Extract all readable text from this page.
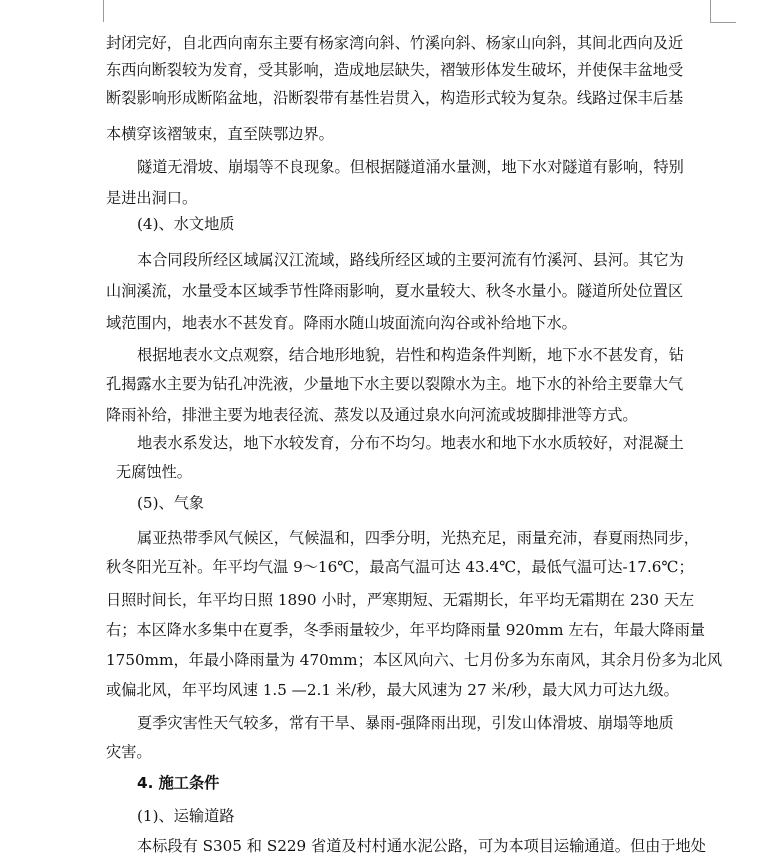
封闭完好，自北西向南东主要有杨家湾向斜、竹溪向斜、杨家山向斜，其间北西向及近
东西向断裂较为发育，受其影响，造成地层缺失，褶皱形体发生破坏，并使保丰盆地受
断裂影响形成断陷盆地，沿断裂带有基性岩贯入，构造形式较为复杂。线路过保丰后基
本横穿该褶皱束，直至陕鄂边界。
隧道无滑坡、崩塌等不良现象。但根据隧道涌水量测，地下水对隧道有影响，特别
是进出洞口。
(4)、水文地质
本合同段所经区域属汉江流域，路线所经区域的主要河流有竹溪河、县河。其它为
山涧溪流，水量受本区域季节性降雨影响，夏水量较大、秋冬水量小。隧道所处位置区
域范围内，地表水不甚发育。降雨水随山坡面流向沟谷或补给地下水。
根据地表水文点观察，结合地形地貌，岩性和构造条件判断，地下水不甚发育，钻
孔揭露水主要为钻孔冲洗液，少量地下水主要以裂隙水为主。地下水的补给主要靠大气
降雨补给，排泄主要为地表径流、蒸发以及通过泉水向河流或坡脚排泄等方式。
地表水系发达，地下水较发育，分布不均匀。地表水和地下水水质较好，对混凝土
无腐蚀性。
(5)、气象
属亚热带季风气候区，气候温和，四季分明，光热充足，雨量充沛，春夏雨热同步，
秋冬阳光互补。年平均气温 9～16℃，最高气温可达 43.4℃，最低气温可达-17.6℃；
日照时间长，年平均日照 1890 小时，严寒期短、无霜期长，年平均无霜期在 230 天左
右；本区降水多集中在夏季，冬季雨量较少，年平均降雨量 920mm 左右，年最大降雨量
1750mm，年最小降雨量为 470mm；本区风向六、七月份多为东南风，其余月份多为北风
或偏北风，年平均风速 1.5 —2.1 米/秒，最大风速为 27 米/秒，最大风力可达九级。
夏季灾害性天气较多，常有干旱、暴雨-强降雨出现，引发山体滑坡、崩塌等地质
灾害。
4. 施工条件
(1)、运输道路
本标段有 S305 和 S229 省道及村村通水泥公路，可为本项目运输通道。但由于地处
